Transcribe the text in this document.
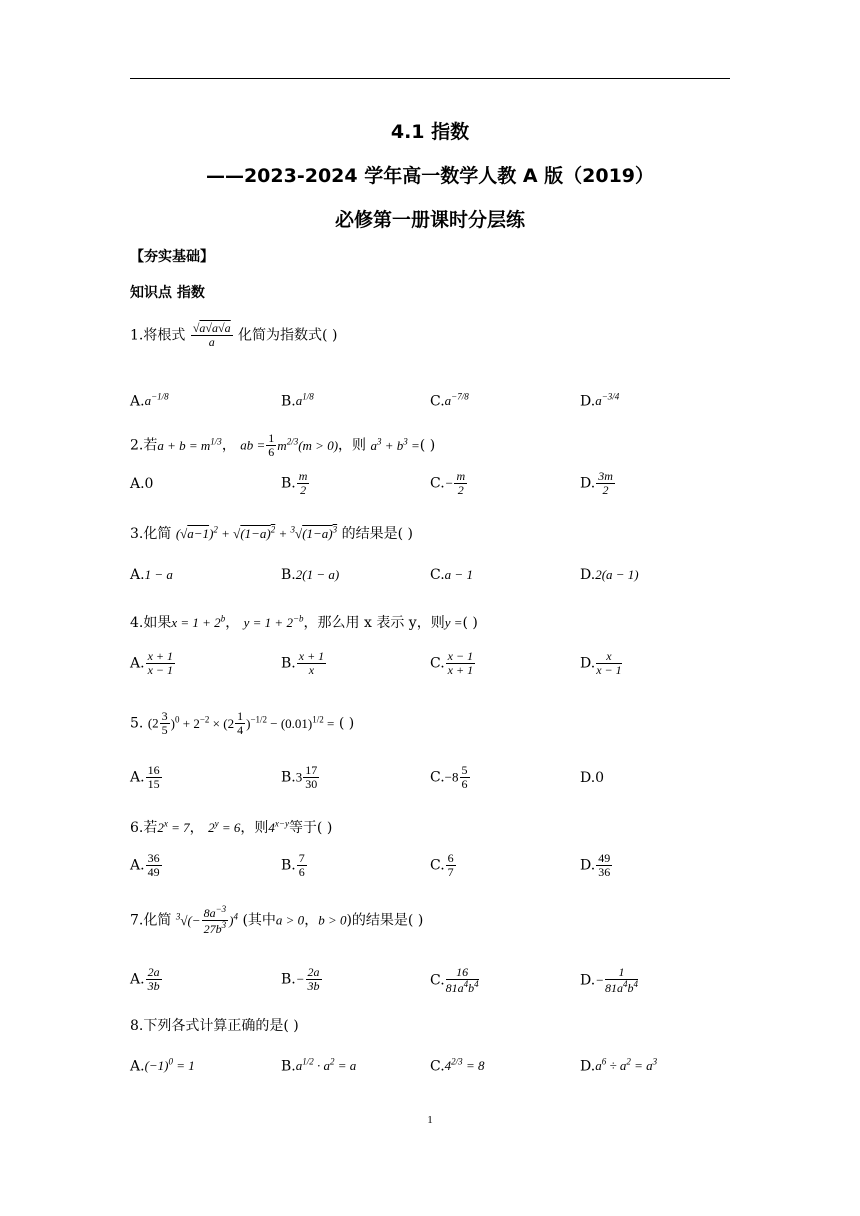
4.1 指数
——2023-2024 学年高一数学人教 A 版（2019）
必修第一册课时分层练
【夯实基础】
知识点 指数
1.将根式 $\frac{√a√a√a}{a}$ 化简为指数式( )
$A.a^{-1/8}$	$B.a^{1/8}$	$C.a^{-7/8}$	$D.a^{-3/4}$
2.若$a + b = m^{1/3}$， ab = $\frac{1}{6} m^{2/3}(m > 0)$，则 $a^3 + b^3$ =( )
A.0	B. $\frac{m}{2}$	$C.- \frac{m}{2}$	D. $\frac{3m}{2}$
3.化简 $(√a-1)^2 + √(1-a)^2 + ^3√(1-a)^3$ 的结果是( )
A.1 − a	B.2(1 − a)	C.a − 1	D.2(a − 1)
4.如果$x = 1 + 2^b$， $y = 1 + 2^{-b}$，那么用 x 表示 y，则y =( )
A. $\frac{x + 1}{x - 1}$	B. $\frac{x + 1}{x}$	C. $\frac{x - 1}{x + 1}$	D. $\frac{x}{x - 1}$
5. $(2 \frac{3}{5} )^0 + 2^{-2} \times (2 \frac{1}{4} )^{-1/2} - (0.01)^{1/2}$ = ( )
A. $\frac{16}{15}$	$B.3 \frac{17}{30}$	$C.-8 \frac{5}{6}$	D.0
6.若$2^x = 7$， $2^y = 6$，则$4^{x-y}$等于( )
A. $\frac{36}{49}$	B. $\frac{7}{6}$	C. $\frac{6}{7}$	D. $\frac{49}{36}$
7.化简 $^3√(- \frac{8a^{-3}}{27b^3} )^4$ (其中a > 0，b > 0)的结果是( )
A. $\frac{2a}{3b}$	$B.- \frac{2a}{3b}$	C. $\frac{16}{81a^4b^4}$	$D.- \frac{1}{81a^4b^4}$
8.下列各式计算正确的是( )
$A.(-1)^0 = 1$	$B.a^{1/2} \cdot a^2 = a$	$C.4^{2/3} = 8$	$D.a^6 \div a^2 = a^3$
1
